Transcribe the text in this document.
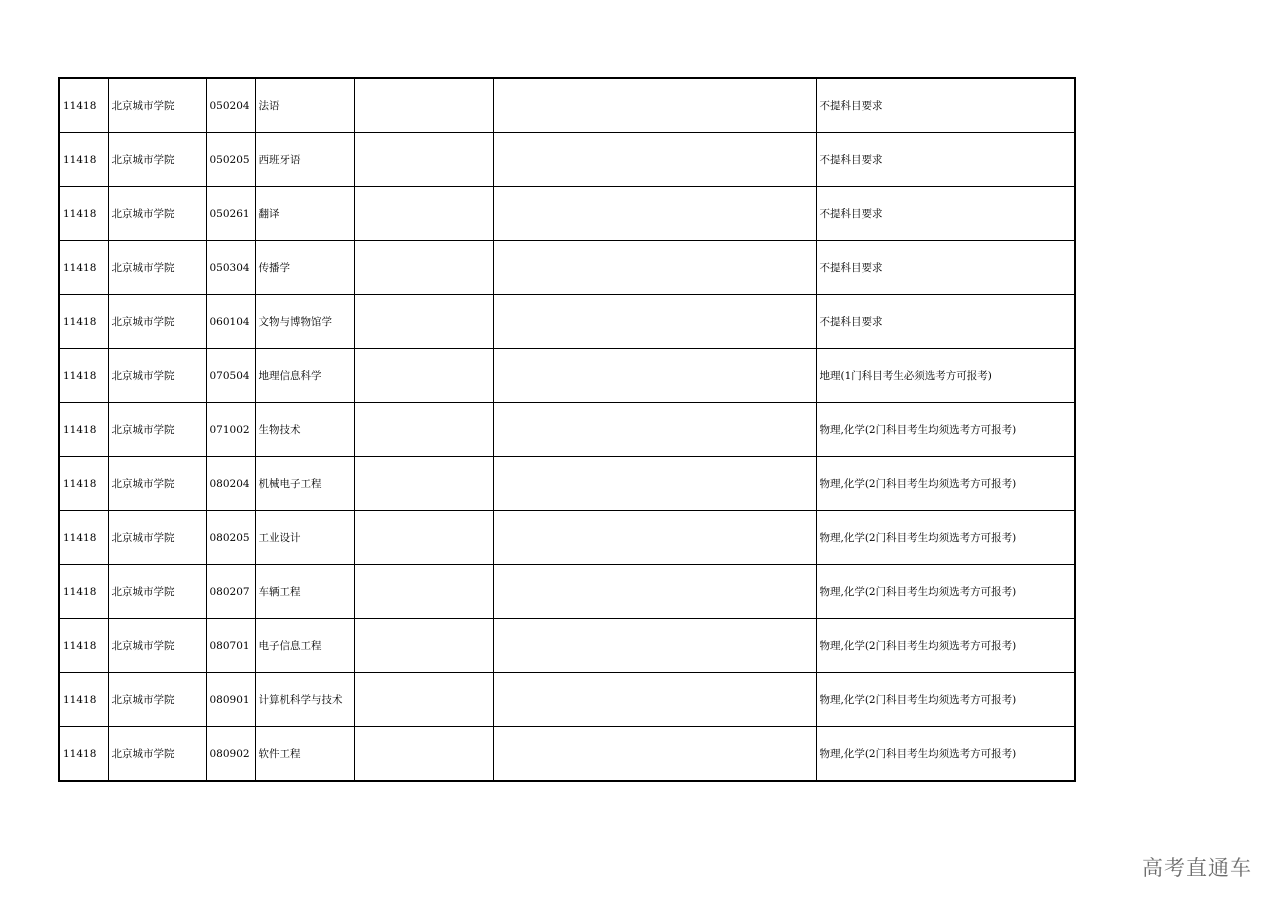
11418	北京城市学院	050204	法语			不提科目要求
11418	北京城市学院	050205	西班牙语			不提科目要求
11418	北京城市学院	050261	翻译			不提科目要求
11418	北京城市学院	050304	传播学			不提科目要求
11418	北京城市学院	060104	文物与博物馆学			不提科目要求
11418	北京城市学院	070504	地理信息科学			地理(1门科目考生必须选考方可报考)
11418	北京城市学院	071002	生物技术			物理,化学(2门科目考生均须选考方可报考)
11418	北京城市学院	080204	机械电子工程			物理,化学(2门科目考生均须选考方可报考)
11418	北京城市学院	080205	工业设计			物理,化学(2门科目考生均须选考方可报考)
11418	北京城市学院	080207	车辆工程			物理,化学(2门科目考生均须选考方可报考)
11418	北京城市学院	080701	电子信息工程			物理,化学(2门科目考生均须选考方可报考)
11418	北京城市学院	080901	计算机科学与技术			物理,化学(2门科目考生均须选考方可报考)
11418	北京城市学院	080902	软件工程			物理,化学(2门科目考生均须选考方可报考)
高考直通车
